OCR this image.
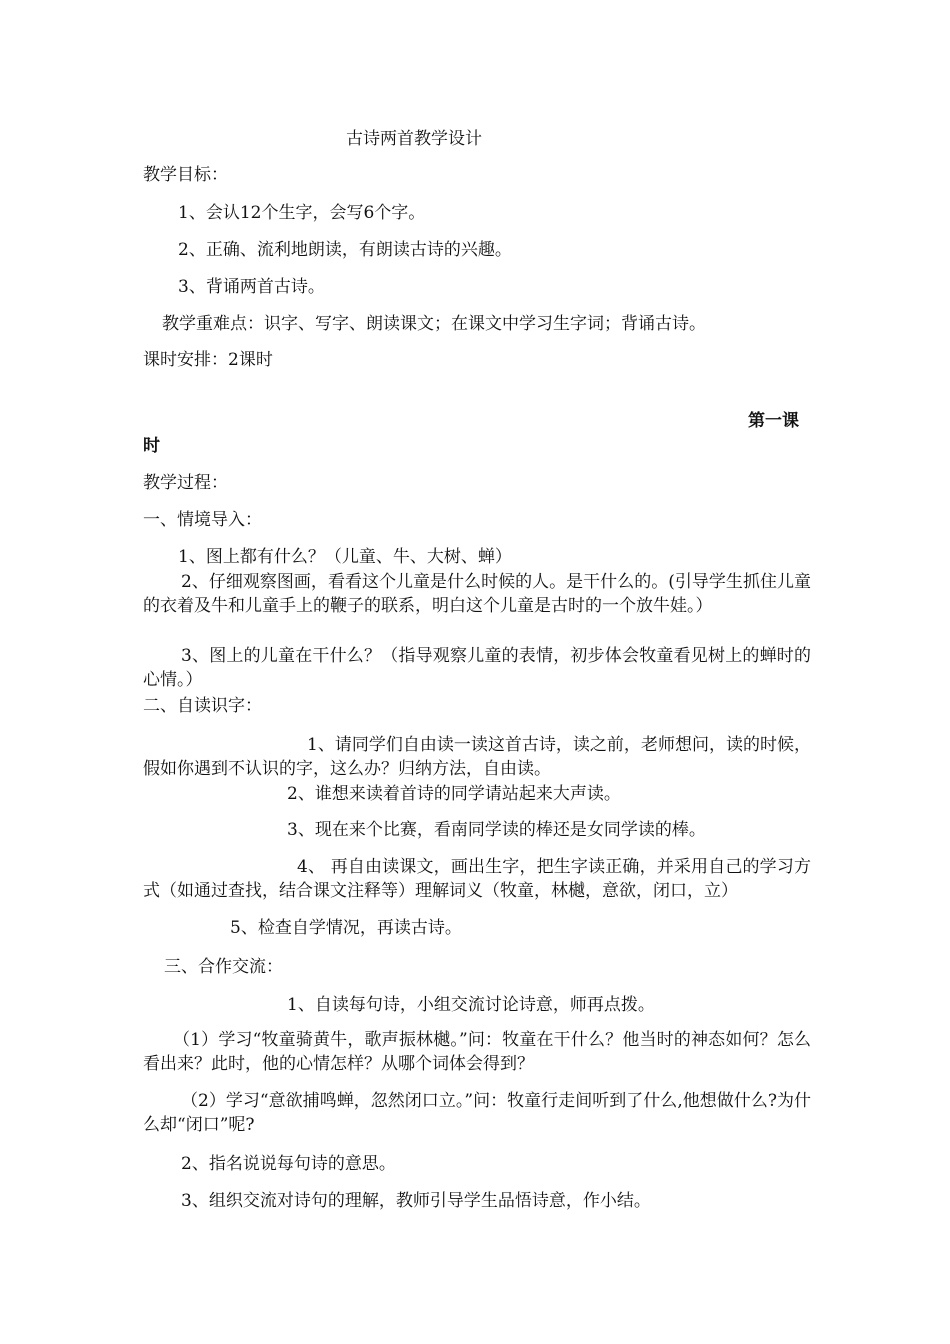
古诗两首教学设计
教学目标：
1、会认12个生字，会写6个字。
2、正确、流利地朗读，有朗读古诗的兴趣。
3、背诵两首古诗。
教学重难点：识字、写字、朗读课文；在课文中学习生字词；背诵古诗。
课时安排：2课时
第一课
时
教学过程：
一、情境导入：
1、图上都有什么？（儿童、牛、大树、蝉）
2、仔细观察图画，看看这个儿童是什么时候的人。是干什么的。(引导学生抓住儿童的衣着及牛和儿童手上的鞭子的联系，明白这个儿童是古时的一个放牛娃。）
3、图上的儿童在干什么？（指导观察儿童的表情，初步体会牧童看见树上的蝉时的心情。）
二、自读识字：
1、请同学们自由读一读这首古诗，读之前，老师想问，读的时候，假如你遇到不认识的字，这么办？归纳方法，自由读。
2、谁想来读着首诗的同学请站起来大声读。
3、现在来个比赛，看南同学读的棒还是女同学读的棒。
4、 再自由读课文，画出生字，把生字读正确，并采用自己的学习方式（如通过查找，结合课文注释等）理解词义（牧童，林樾，意欲，闭口，立）
5、检查自学情况，再读古诗。
三、合作交流：
1、自读每句诗，小组交流讨论诗意，师再点拨。
（1）学习“牧童骑黄牛，歌声振林樾。”问：牧童在干什么？他当时的神态如何？怎么看出来？此时，他的心情怎样？从哪个词体会得到？
（2）学习“意欲捕鸣蝉，忽然闭口立。”问：牧童行走间听到了什么,他想做什么?为什么却“闭口”呢?
2、指名说说每句诗的意思。
3、组织交流对诗句的理解，教师引导学生品悟诗意，作小结。
